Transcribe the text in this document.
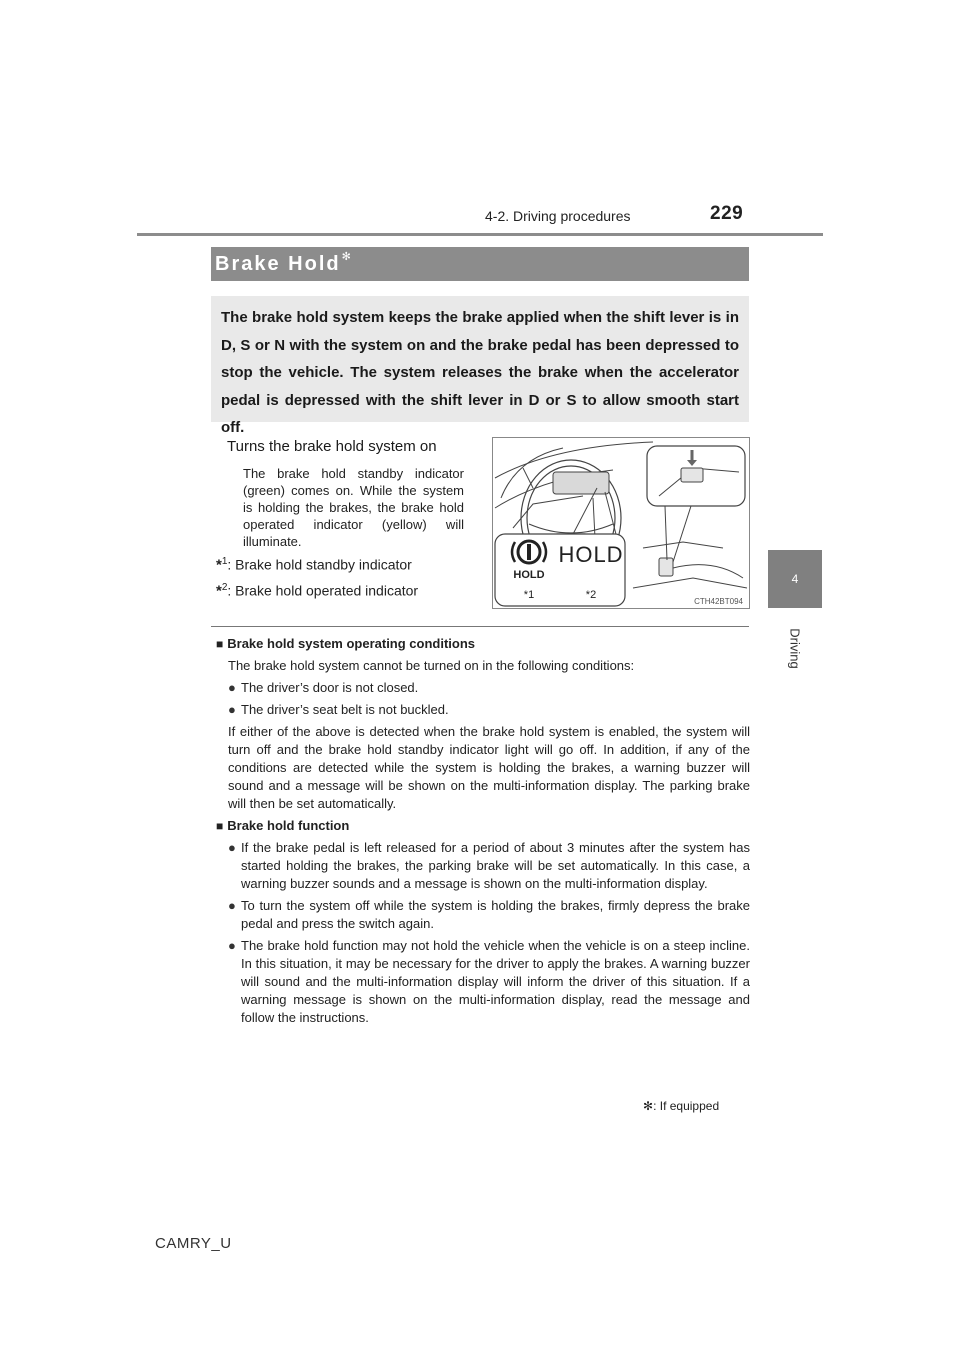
4-2. Driving procedures	229
4
Driving
Brake Hold ✻
The brake hold system keeps the brake applied when the shift lever is in D, S or N with the system on and the brake pedal has been depressed to stop the vehicle. The system releases the brake when the accelerator pedal is depressed with the shift lever in D or S to allow smooth start off.
Turns the brake hold system on
The brake hold standby indicator (green) comes on. While the system is holding the brakes, the brake hold operated indicator (yellow) will illuminate.
*$^1$: Brake hold standby indicator
*$^2$: Brake hold operated indicator
HOLD
HOLD
*1	*2
CTH42BT094
■ Brake hold system operating conditions
The brake hold system cannot be turned on in the following conditions:
● The driver’s door is not closed.
● The driver’s seat belt is not buckled.
If either of the above is detected when the brake hold system is enabled, the system will turn off and the brake hold standby indicator light will go off. In addition, if any of the conditions are detected while the system is holding the brakes, a warning buzzer will sound and a message will be shown on the multi-information display. The parking brake will then be set automatically.
■ Brake hold function
● If the brake pedal is left released for a period of about 3 minutes after the system has started holding the brakes, the parking brake will be set automatically. In this case, a warning buzzer sounds and a message is shown on the multi-information display.
● To turn the system off while the system is holding the brakes, firmly depress the brake pedal and press the switch again.
● The brake hold function may not hold the vehicle when the vehicle is on a steep incline. In this situation, it may be necessary for the driver to apply the brakes. A warning buzzer will sound and the multi-information display will inform the driver of this situation. If a warning message is shown on the multi-information display, read the message and follow the instructions.
✻: If equipped
CAMRY_U
